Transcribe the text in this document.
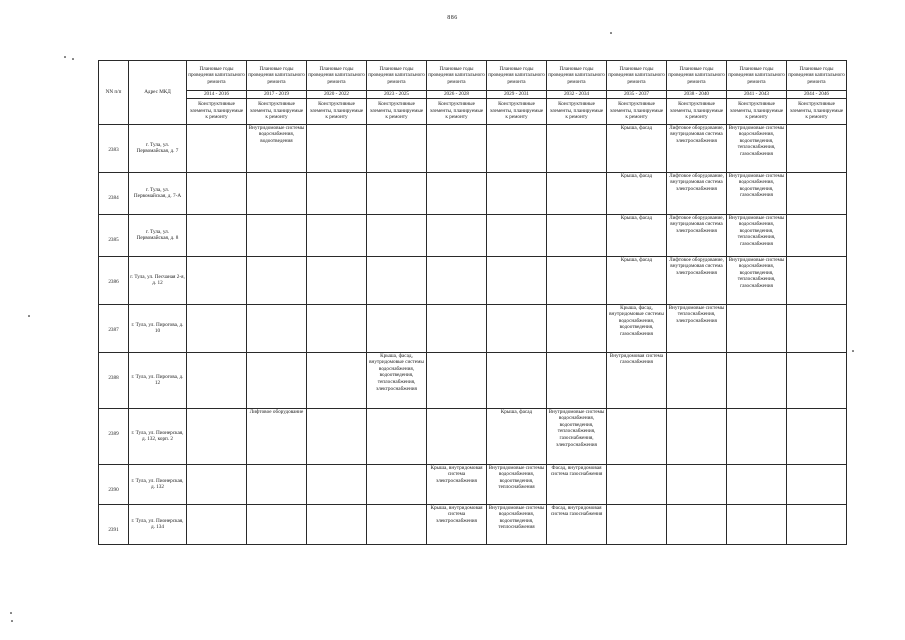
886
NN п/п	Адрес МКД	Плановые годы проведения капитального ремонта	Плановые годы проведения капитального ремонта	Плановые годы проведения капитального ремонта	Плановые годы проведения капитального ремонта	Плановые годы проведения капитального ремонта	Плановые годы проведения капитального ремонта	Плановые годы проведения капитального ремонта	Плановые годы проведения капитального ремонта	Плановые годы проведения капитального ремонта	Плановые годы проведения капитального ремонта	Плановые годы проведения капитального ремонта
		2014 - 2016	2017 - 2019	2020 - 2022	2023 - 2025	2026 - 2028	2029 - 2031	2032 - 2034	2035 - 2037	2038 - 2040	2041 - 2043	2044 - 2046
		Конструктивные элементы, планируемые к ремонту	Конструктивные элементы, планируемые к ремонту	Конструктивные элементы, планируемые к ремонту	Конструктивные элементы, планируемые к ремонту	Конструктивные элементы, планируемые к ремонту	Конструктивные элементы, планируемые к ремонту	Конструктивные элементы, планируемые к ремонту	Конструктивные элементы, планируемые к ремонту	Конструктивные элементы, планируемые к ремонту	Конструктивные элементы, планируемые к ремонту	Конструктивные элементы, планируемые к ремонту
2383	г. Тула, ул. Первомайская, д. 7		Внутридомовые системы водоснабжения, водоотведения						Крыша, фасад	Лифтовое оборудование, внутридомовая система электроснабжения	Внутридомовые системы водоснабжения, водоотведения, теплоснабжения, газоснабжения	
2384	г. Тула, ул. Первомайская, д. 7-А								Крыша, фасад	Лифтовое оборудование, внутридомовая система электроснабжения	Внутридомовые системы водоснабжения, водоотведения, газоснабжения	
2385	г. Тула, ул. Первомайская, д. 8								Крыша, фасад	Лифтовое оборудование, внутридомовая система электроснабжения	Внутридомовые системы водоснабжения, водоотведения, теплоснабжения, газоснабжения	
2386	г. Тула, ул. Песчаная 2-я, д. 12								Крыша, фасад	Лифтовое оборудование, внутридомовая система электроснабжения	Внутридомовые системы водоснабжения, водоотведения, теплоснабжения, газоснабжения	
2387	г. Тула, ул. Пирогова, д. 10								Крыша, фасад, внутридомовые системы водоснабжения, водоотведения, газоснабжения	Внутридомовые системы теплоснабжения, электроснабжения		
2388	г. Тула, ул. Пирогова, д. 12				Крыша, фасад, внутридомовые системы водоснабжения, водоотведения, теплоснабжения, электроснабжения				Внутридомовая система газоснабжения			
2389	г. Тула, ул. Пионерская, д. 132, корп. 2		Лифтовое оборудование				Крыша, фасад	Внутридомовые системы водоснабжения, водоотведения, теплоснабжения, газоснабжения, электроснабжения				
2390	г. Тула, ул. Пионерская, д. 132					Крыша, внутридомовая система электроснабжения	Внутридомовые системы водоснабжения, водоотведения, теплоснабжения	Фасад, внутридомовая система газоснабжения				
2391	г. Тула, ул. Пионерская, д. 134					Крыша, внутридомовая система электроснабжения	Внутридомовые системы водоснабжения, водоотведения, теплоснабжения	Фасад, внутридомовая система газоснабжения				
